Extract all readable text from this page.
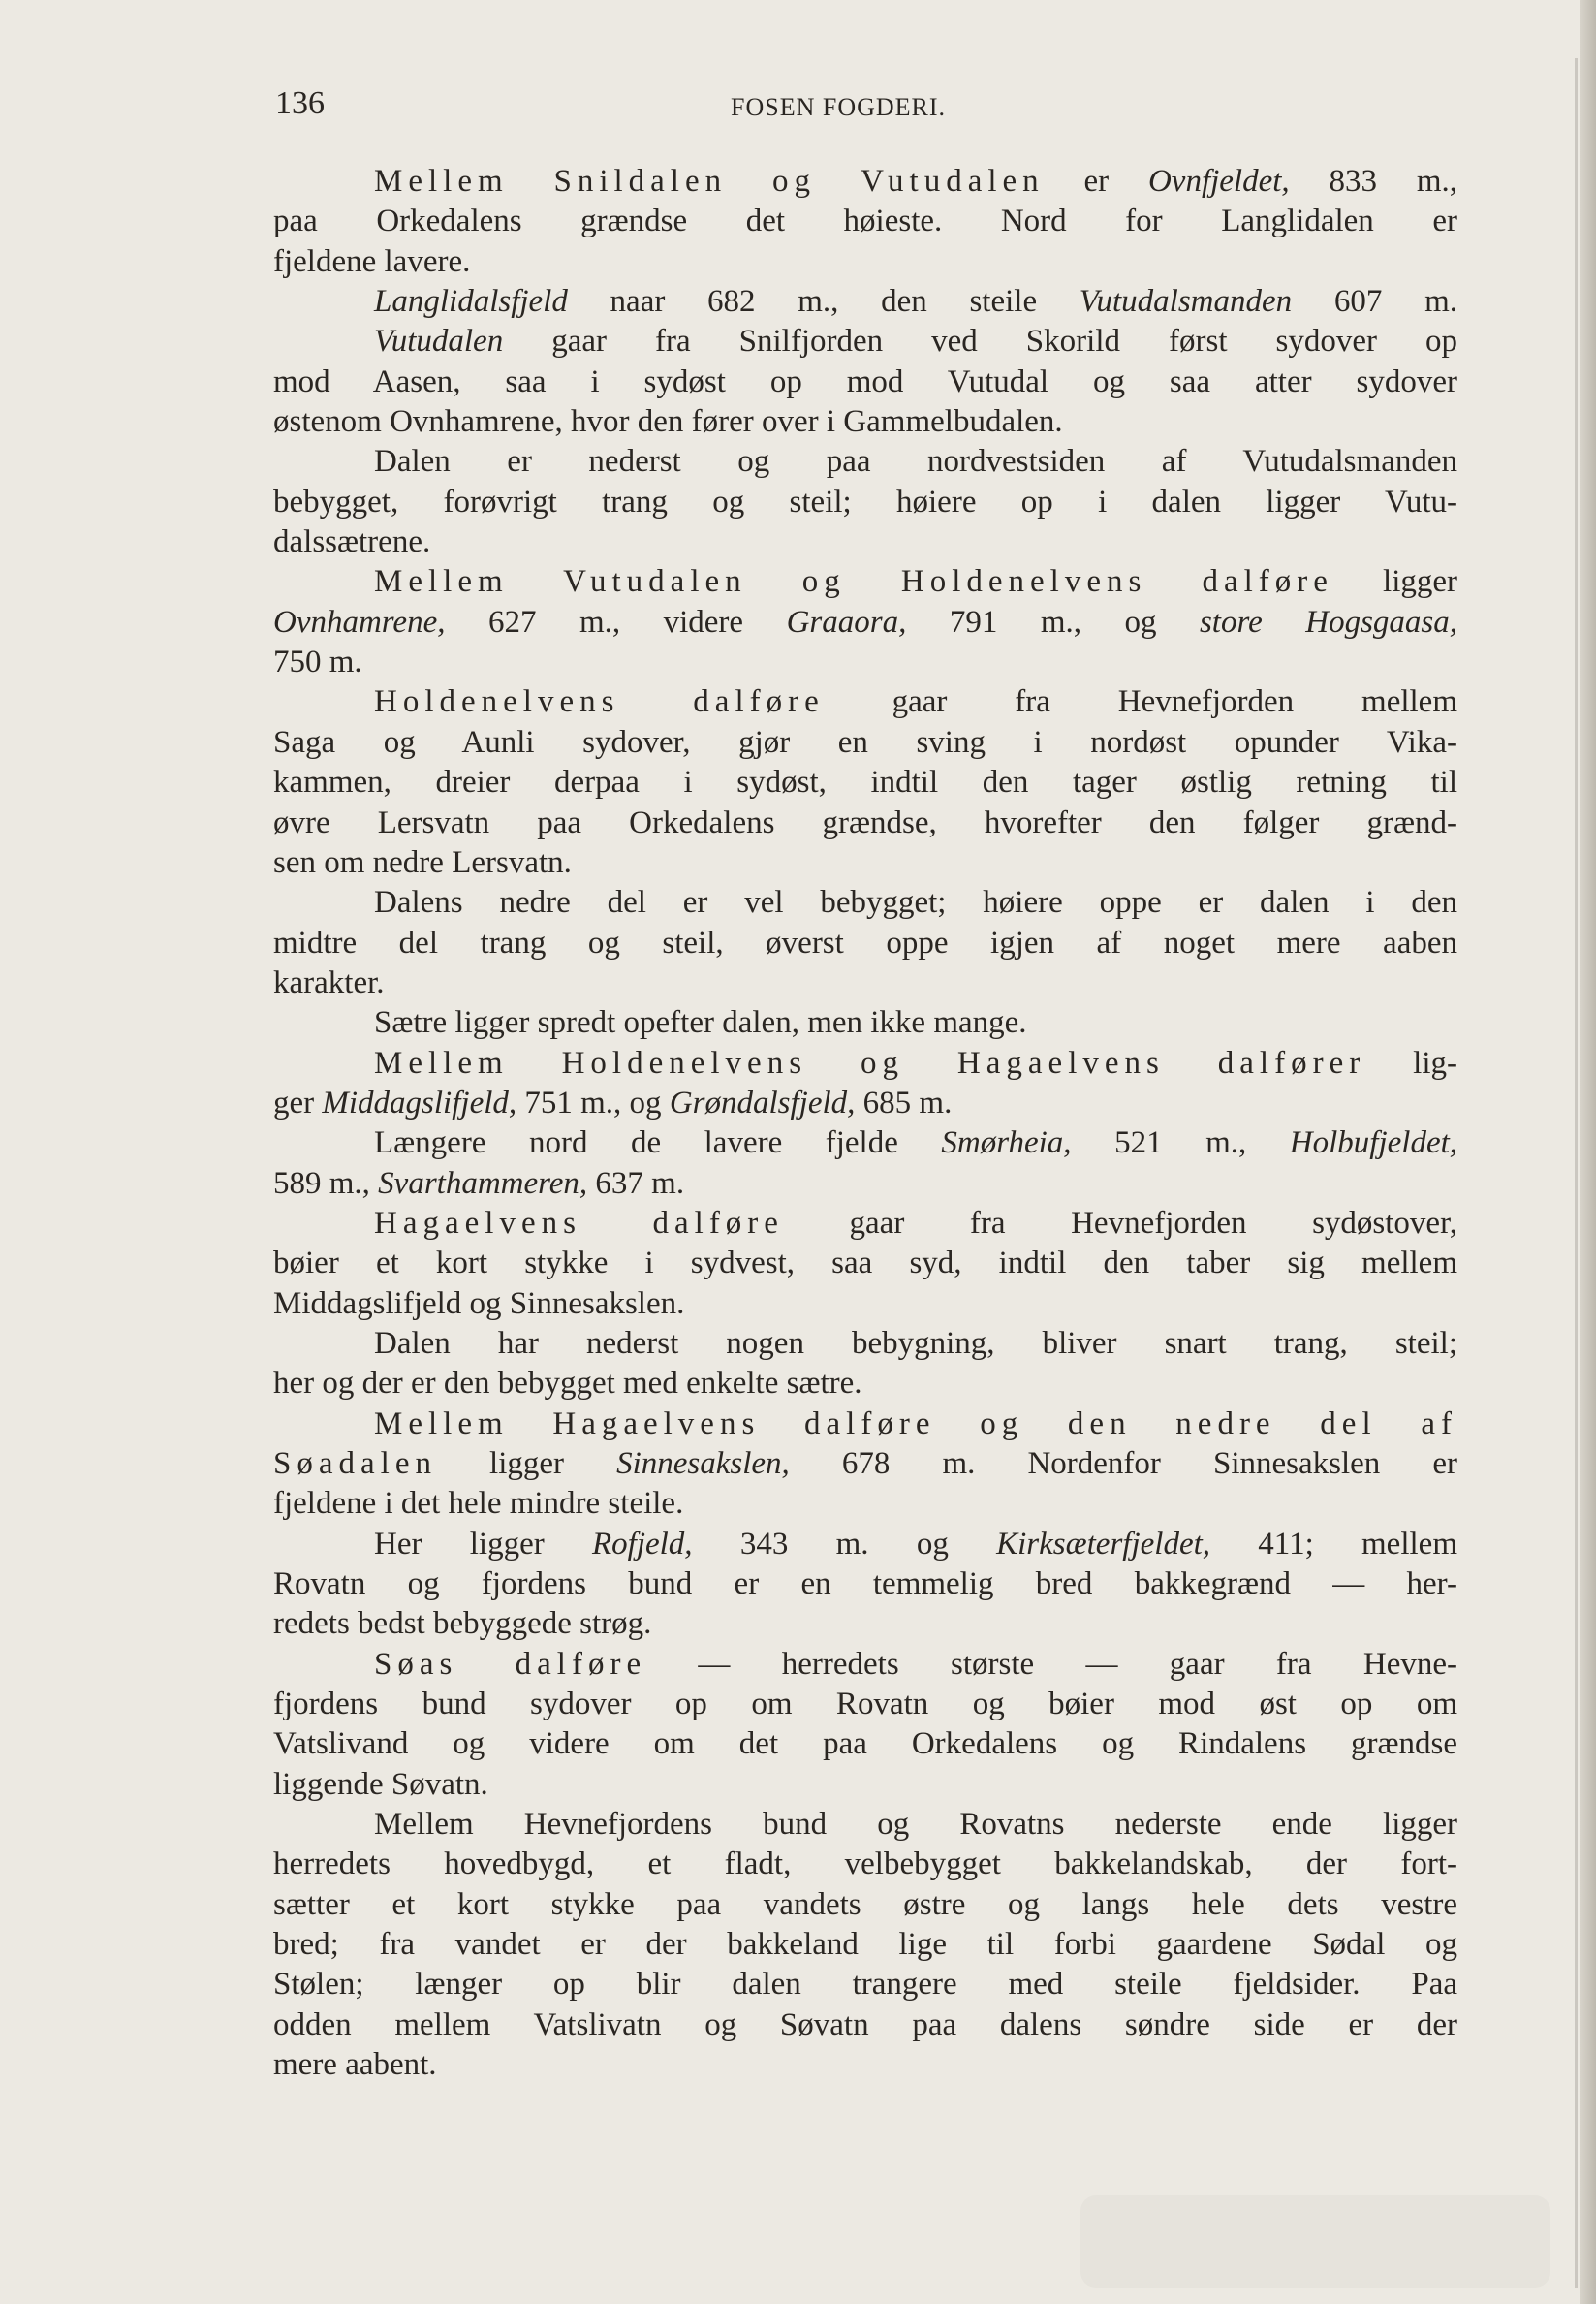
136	FOSEN FOGDERI.
Mellem Snildalen og Vutudalen er Ovnfjeldet, 833 m.,
paa Orkedalens grændse det høieste. Nord for Langlidalen er
fjeldene lavere.
Langlidalsfjeld naar 682 m., den steile Vutudalsmanden 607 m.
Vutudalen gaar fra Snilfjorden ved Skorild først sydover op
mod Aasen, saa i sydøst op mod Vutudal og saa atter sydover
østenom Ovnhamrene, hvor den fører over i Gammelbudalen.
Dalen er nederst og paa nordvestsiden af Vutudalsmanden
bebygget, forøvrigt trang og steil; høiere op i dalen ligger Vutu-
dalssætrene.
Mellem Vutudalen og Holdenelvens dalføre ligger
Ovnhamrene, 627 m., videre Graaora, 791 m., og store Hogsgaasa,
750 m.
Holdenelvens dalføre gaar fra Hevnefjorden mellem
Saga og Aunli sydover, gjør en sving i nordøst opunder Vika-
kammen, dreier derpaa i sydøst, indtil den tager østlig retning til
øvre Lersvatn paa Orkedalens grændse, hvorefter den følger grænd-
sen om nedre Lersvatn.
Dalens nedre del er vel bebygget; høiere oppe er dalen i den
midtre del trang og steil, øverst oppe igjen af noget mere aaben
karakter.
Sætre ligger spredt opefter dalen, men ikke mange.
Mellem Holdenelvens og Hagaelvens dalfører lig-
ger Middagslifjeld, 751 m., og Grøndalsfjeld, 685 m.
Længere nord de lavere fjelde Smørheia, 521 m., Holbufjeldet,
589 m., Svarthammeren, 637 m.
Hagaelvens dalføre gaar fra Hevnefjorden sydøstover,
bøier et kort stykke i sydvest, saa syd, indtil den taber sig mellem
Middagslifjeld og Sinnesakslen.
Dalen har nederst nogen bebygning, bliver snart trang, steil;
her og der er den bebygget med enkelte sætre.
Mellem Hagaelvens dalføre og den nedre del af
Søadalen ligger Sinnesakslen, 678 m. Nordenfor Sinnesakslen er
fjeldene i det hele mindre steile.
Her ligger Rofjeld, 343 m. og Kirksæterfjeldet, 411; mellem
Rovatn og fjordens bund er en temmelig bred bakkegrænd — her-
redets bedst bebyggede strøg.
Søas dalføre — herredets største — gaar fra Hevne-
fjordens bund sydover op om Rovatn og bøier mod øst op om
Vatslivand og videre om det paa Orkedalens og Rindalens grændse
liggende Søvatn.
Mellem Hevnefjordens bund og Rovatns nederste ende ligger
herredets hovedbygd, et fladt, velbebygget bakkelandskab, der fort-
sætter et kort stykke paa vandets østre og langs hele dets vestre
bred; fra vandet er der bakkeland lige til forbi gaardene Sødal og
Stølen; længer op blir dalen trangere med steile fjeldsider. Paa
odden mellem Vatslivatn og Søvatn paa dalens søndre side er der
mere aabent.
